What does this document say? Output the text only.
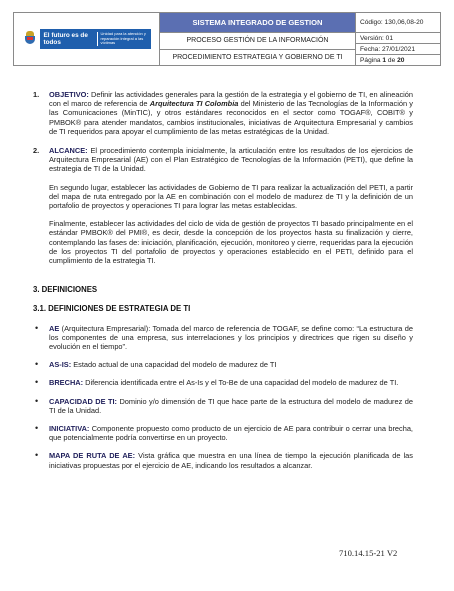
El futuro es de todos
Unidad para la atención y reparación integral a las víctimas
SISTEMA INTEGRADO DE GESTION
PROCESO GESTIÓN DE LA INFORMACIÓN
PROCEDIMIENTO ESTRATEGIA Y GOBIERNO DE TI
Código: 130,06,08-20
Versión: 01
Fecha: 27/01/2021
Página
1
de
20
1. OBJETIVO: Definir las actividades generales para la gestión de la estrategia y el gobierno de TI, en alineación con el marco de referencia de Arquitectura TI Colombia del Ministerio de las Tecnologías de la Información y las Comunicaciones (MinTIC), y otros estándares reconocidos en el sector como TOGAF®, COBIT® y PMBOK® para atender mandatos, cambios institucionales, iniciativas de Arquitectura Empresarial y cambios de TI requeridos para apoyar el cumplimiento de las metas estratégicas de la Unidad.
2. ALCANCE: El procedimiento contempla inicialmente, la articulación entre los resultados de los ejercicios de Arquitectura Empresarial (AE) con el Plan Estratégico de Tecnologías de la Información (PETI), que define la estrategia de TI de la Unidad.
En segundo lugar, establecer las actividades de Gobierno de TI para realizar la actualización del PETI, a partir del mapa de ruta entregado por la AE en combinación con el modelo de madurez de TI y la definición de un portafolio de proyectos y operaciones TI para lograr las metas establecidas.
Finalmente, establecer las actividades del ciclo de vida de gestión de proyectos TI basado principalmente en el estándar PMBOK® del PMI®, es decir, desde la concepción de los proyectos hasta su finalización y cierre, contemplando las fases de: iniciación, planificación, ejecución, monitoreo y cierre, requeridas para la ejecución de los proyectos TI del portafolio de proyectos y operaciones establecido en el PETI, definido para el cumplimiento de la estrategia TI.
3. DEFINICIONES
3.1. DEFINICIONES DE ESTRATEGIA DE TI
• AE (Arquitectura Empresarial): Tomada del marco de referencia de TOGAF, se define como: “La estructura de los componentes de una empresa, sus interrelaciones y los principios y directrices que rigen su diseño y evolución en el tiempo”.
• AS-IS: Estado actual de una capacidad del modelo de madurez de TI
• BRECHA: Diferencia identificada entre el As-Is y el To-Be de una capacidad del modelo de madurez de TI.
• CAPACIDAD DE TI: Dominio y/o dimensión de TI que hace parte de la estructura del modelo de madurez de TI de la Unidad.
• INICIATIVA: Componente propuesto como producto de un ejercicio de AE para contribuir o cerrar una brecha, que potencialmente podría convertirse en un proyecto.
• MAPA DE RUTA DE AE: Vista gráfica que muestra en una línea de tiempo la ejecución planificada de las iniciativas propuestas por el ejercicio de AE, indicando los resultados a alcanzar.
710.14.15-21 V2
